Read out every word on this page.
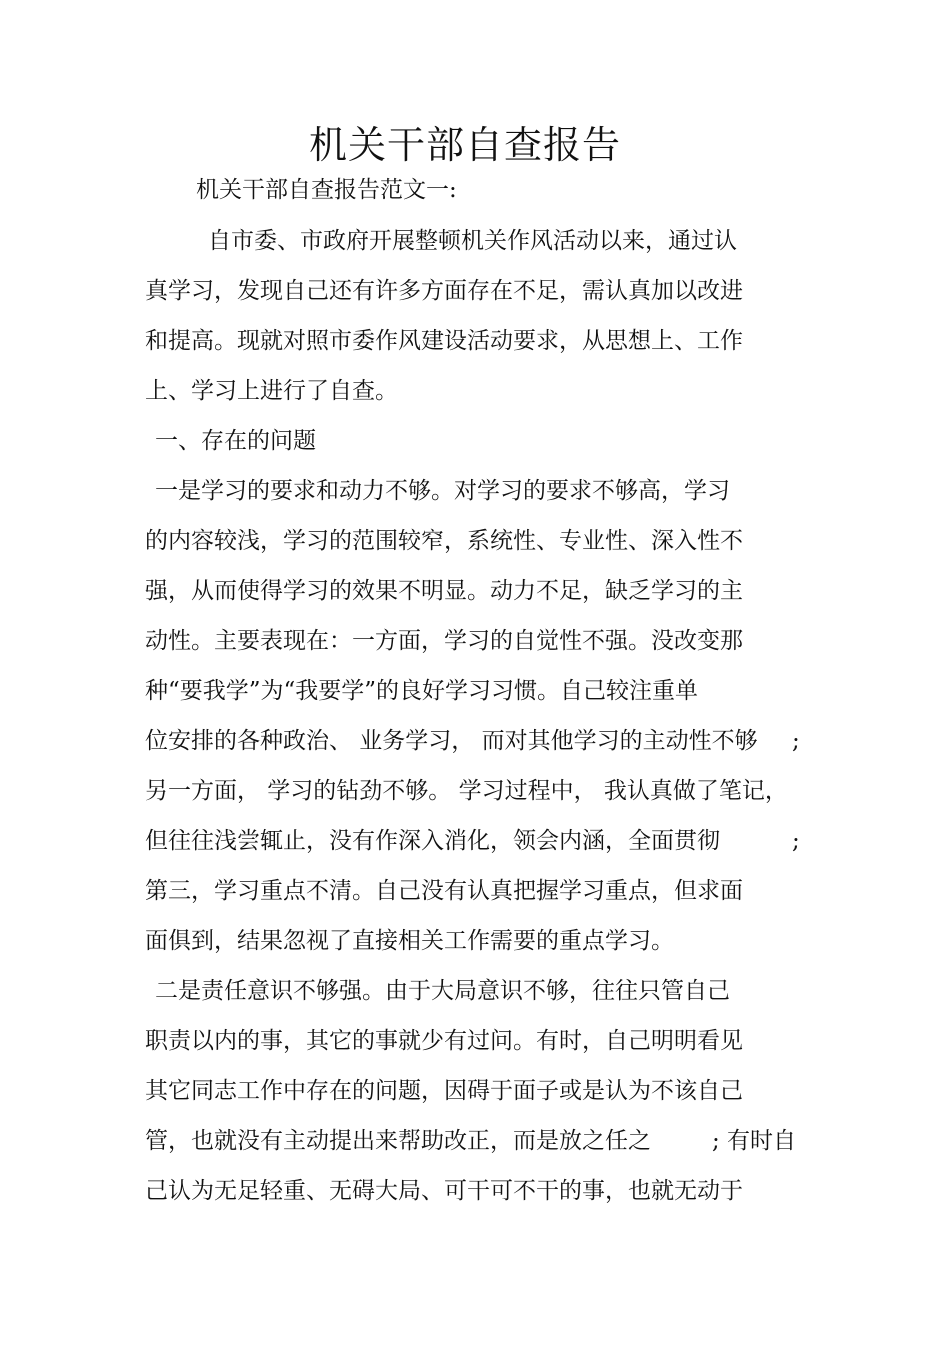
机关干部自查报告
机关干部自查报告范文一:
自市委、市政府开展整顿机关作风活动以来，通过认
真学习，发现自己还有许多方面存在不足，需认真加以改进
和提高。现就对照市委作风建设活动要求，从思想上、工作
上、学习上进行了自查。
一、存在的问题
一是学习的要求和动力不够。对学习的要求不够高，学习
的内容较浅，学习的范围较窄，系统性、专业性、深入性不
强，从而使得学习的效果不明显。动力不足，缺乏学习的主
动性。主要表现在：一方面，学习的自觉性不强。没改变那
种“要我学”为“我要学”的良好学习习惯。自己较注重单
位安排的各种政治、 业务学习， 而对其他学习的主动性不够 ;
另一方面， 学习的钻劲不够。 学习过程中， 我认真做了笔记，
但往往浅尝辄止，没有作深入消化，领会内涵，全面贯彻	;
第三，学习重点不清。自己没有认真把握学习重点，但求面
面俱到，结果忽视了直接相关工作需要的重点学习。
二是责任意识不够强。由于大局意识不够，往往只管自己
职责以内的事，其它的事就少有过问。有时，自己明明看见
其它同志工作中存在的问题，因碍于面子或是认为不该自己
管，也就没有主动提出来帮助改正，而是放之任之	; 有时自
己认为无足轻重、无碍大局、可干可不干的事，也就无动于
